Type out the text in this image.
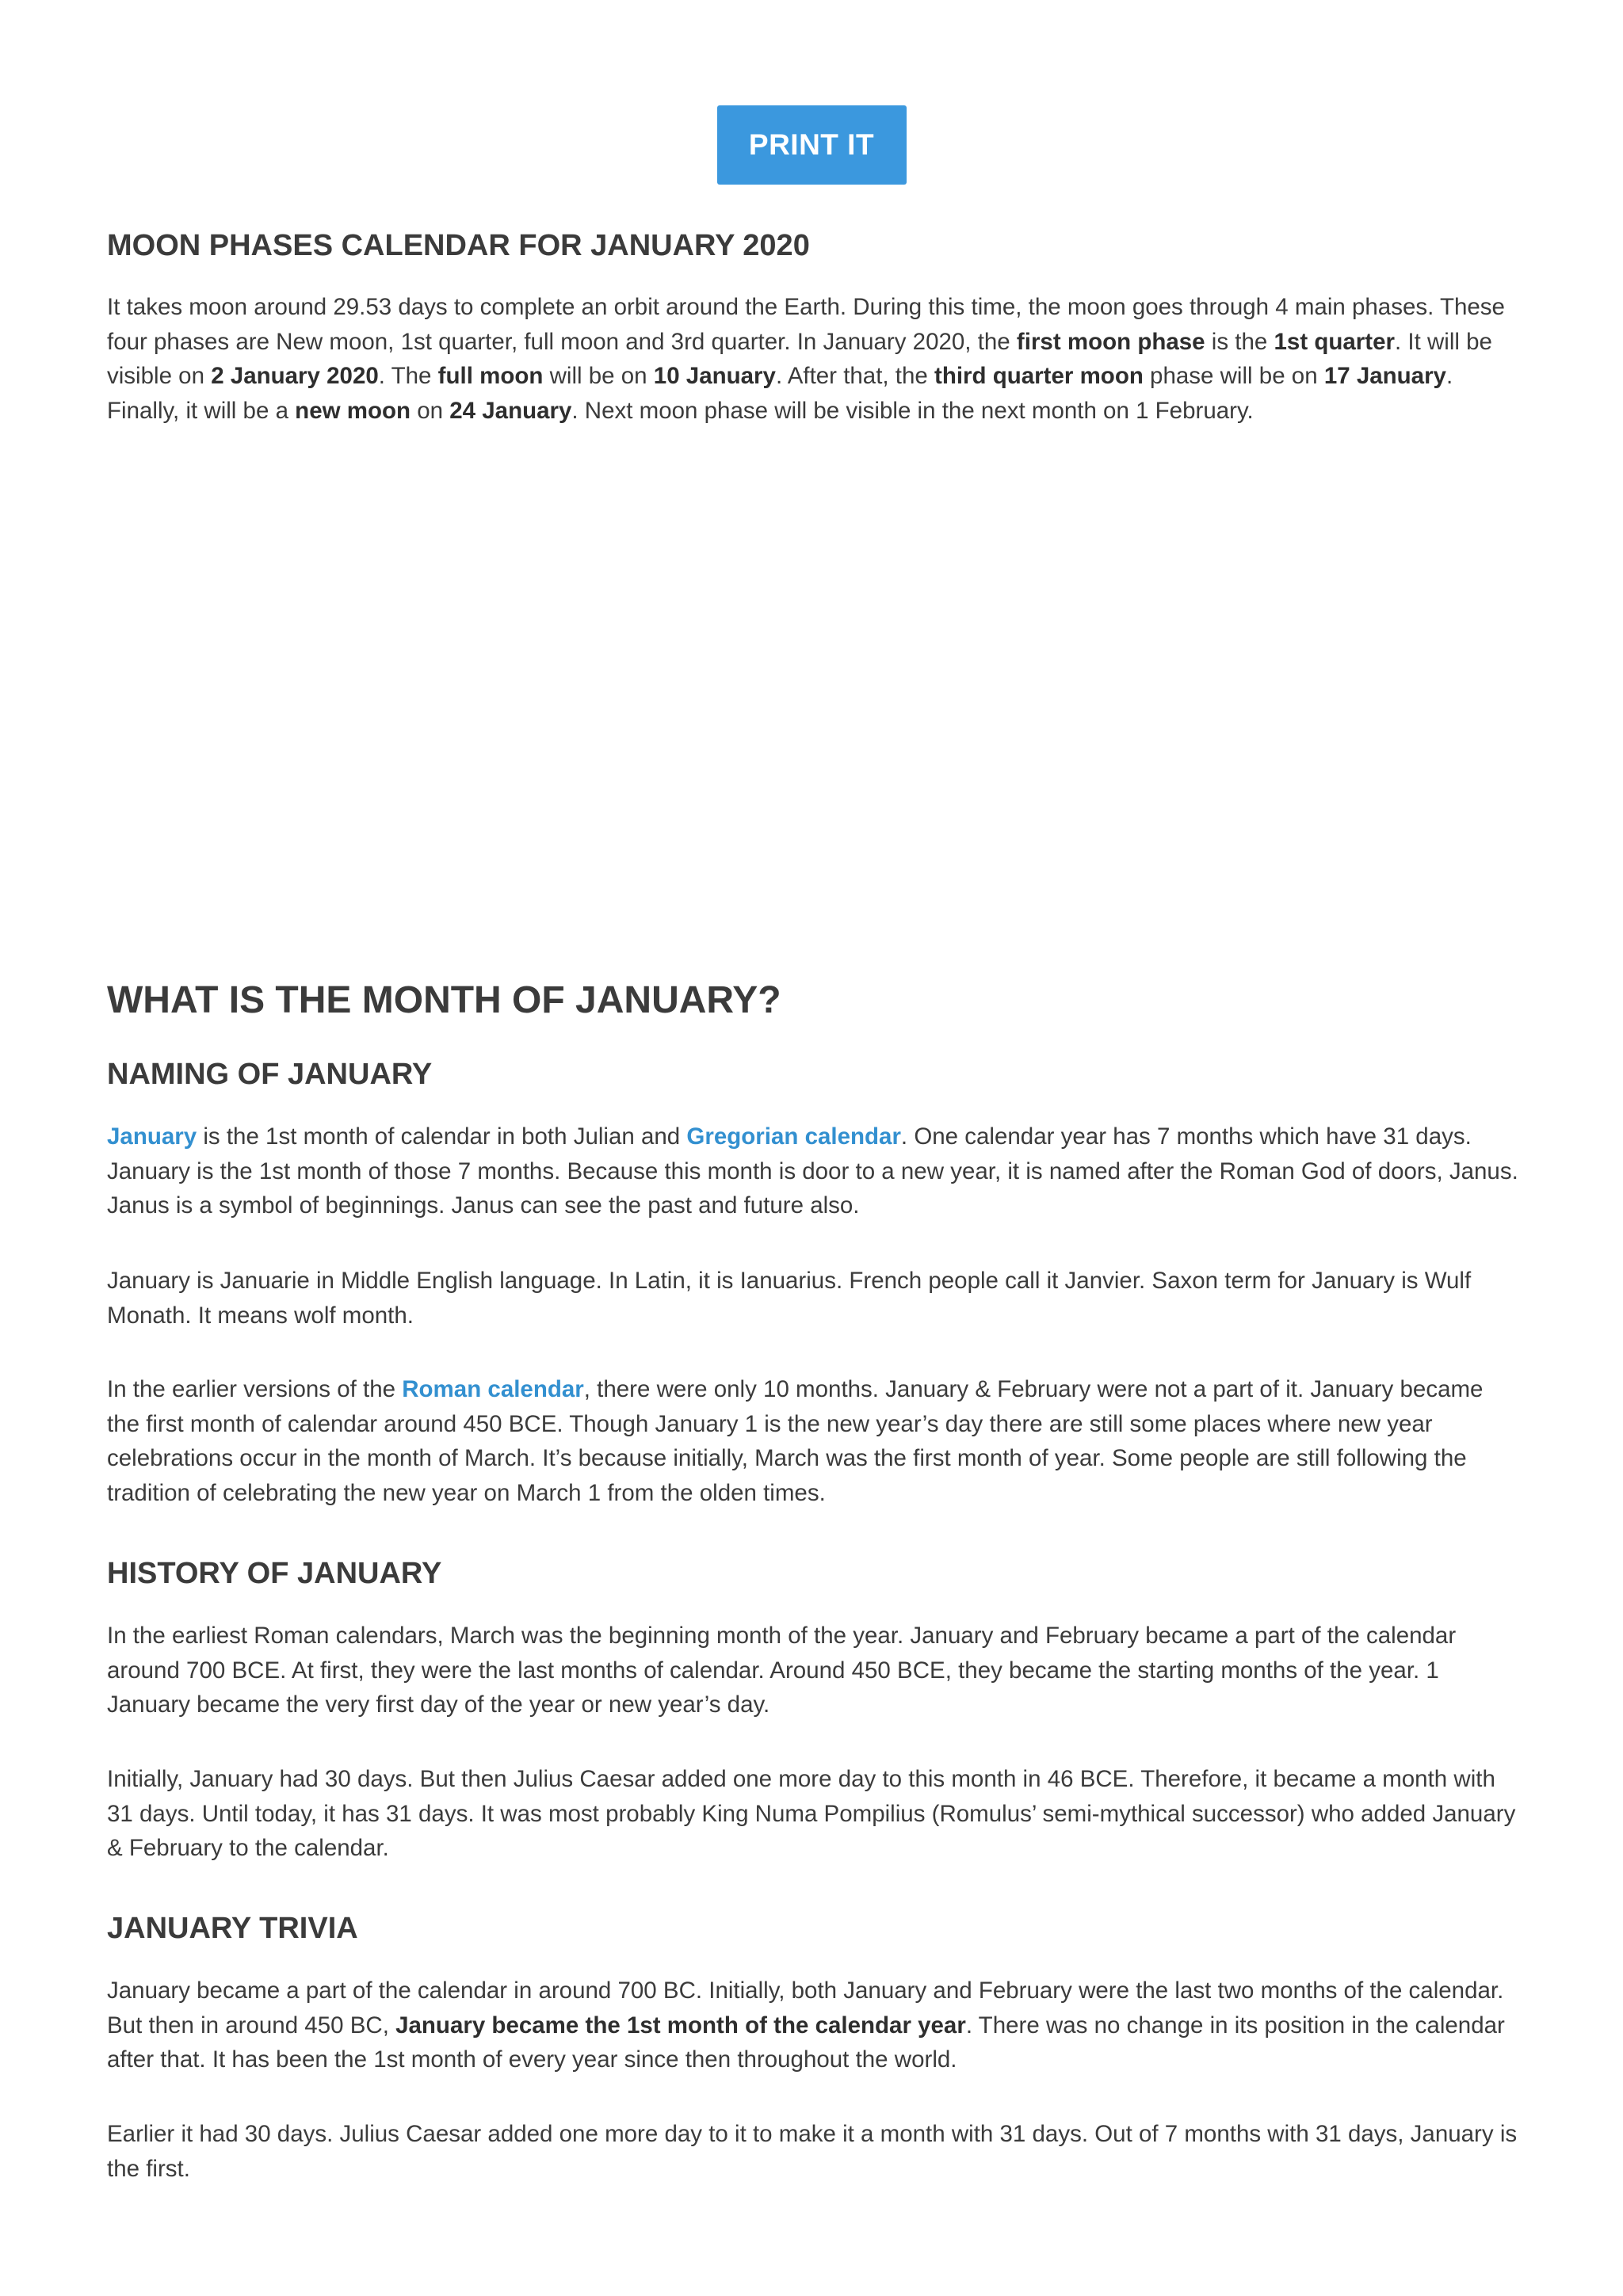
PRINT IT
MOON PHASES CALENDAR FOR JANUARY 2020

It takes moon around 29.53 days to complete an orbit around the Earth. During this time, the moon goes through 4 main phases. These four phases are New moon, 1st quarter, full moon and 3rd quarter. In January 2020, the first moon phase is the 1st quarter. It will be visible on 2 January 2020. The full moon will be on 10 January. After that, the third quarter moon phase will be on 17 January. Finally, it will be a new moon on 24 January. Next moon phase will be visible in the next month on 1 February.

WHAT IS THE MONTH OF JANUARY?
NAMING OF JANUARY

January is the 1st month of calendar in both Julian and Gregorian calendar. One calendar year has 7 months which have 31 days. January is the 1st month of those 7 months. Because this month is door to a new year, it is named after the Roman God of doors, Janus. Janus is a symbol of beginnings. Janus can see the past and future also.

January is Januarie in Middle English language. In Latin, it is Ianuarius. French people call it Janvier. Saxon term for January is Wulf Monath. It means wolf month.

In the earlier versions of the Roman calendar, there were only 10 months. January & February were not a part of it. January became the first month of calendar around 450 BCE. Though January 1 is the new year’s day there are still some places where new year celebrations occur in the month of March. It’s because initially, March was the first month of year. Some people are still following the tradition of celebrating the new year on March 1 from the olden times.

HISTORY OF JANUARY

In the earliest Roman calendars, March was the beginning month of the year. January and February became a part of the calendar around 700 BCE. At first, they were the last months of calendar. Around 450 BCE, they became the starting months of the year. 1 January became the very first day of the year or new year’s day.

Initially, January had 30 days. But then Julius Caesar added one more day to this month in 46 BCE. Therefore, it became a month with 31 days. Until today, it has 31 days. It was most probably King Numa Pompilius (Romulus’ semi-mythical successor) who added January & February to the calendar.

JANUARY TRIVIA

January became a part of the calendar in around 700 BC. Initially, both January and February were the last two months of the calendar. But then in around 450 BC, January became the 1st month of the calendar year. There was no change in its position in the calendar after that. It has been the 1st month of every year since then throughout the world.

Earlier it had 30 days. Julius Caesar added one more day to it to make it a month with 31 days. Out of 7 months with 31 days, January is the first.
